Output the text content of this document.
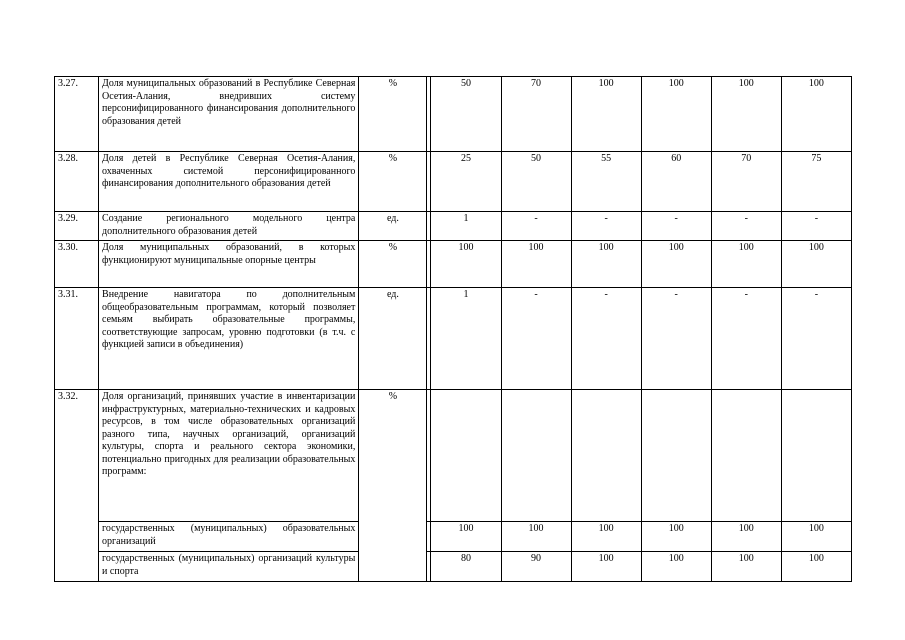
3.27.	Доля муниципальных образований в Республике Северная Осетия-Алания, внедривших систему персонифицированного финансирования дополнительного образования детей	%		50	70	100	100	100	100
3.28.	Доля детей в Республике Северная Осетия-Алания, охваченных системой персонифицированного финансирования дополнительного образования детей	%		25	50	55	60	70	75
3.29.	Создание регионального модельного центра дополнительного образования детей	ед.		1	-	-	-	-	-
3.30.	Доля муниципальных образований, в которых функционируют муниципальные опорные центры	%		100	100	100	100	100	100
3.31.	Внедрение навигатора по дополнительным общеобразовательным программам, который позволяет семьям выбирать образовательные программы, соответствующие запросам, уровню подготовки (в т.ч. с функцией записи в объединения)	ед.		1	-	-	-	-	-
3.32.	Доля организаций, принявших участие в инвентаризации инфраструктурных, материально-технических и кадровых ресурсов, в том числе образовательных организаций разного типа, научных организаций, организаций культуры, спорта и реального сектора экономики, потенциально пригодных для реализации образовательных программ:	%							
	государственных (муниципальных) образовательных организаций			100	100	100	100	100	100
	государственных (муниципальных) организаций культуры и спорта			80	90	100	100	100	100
